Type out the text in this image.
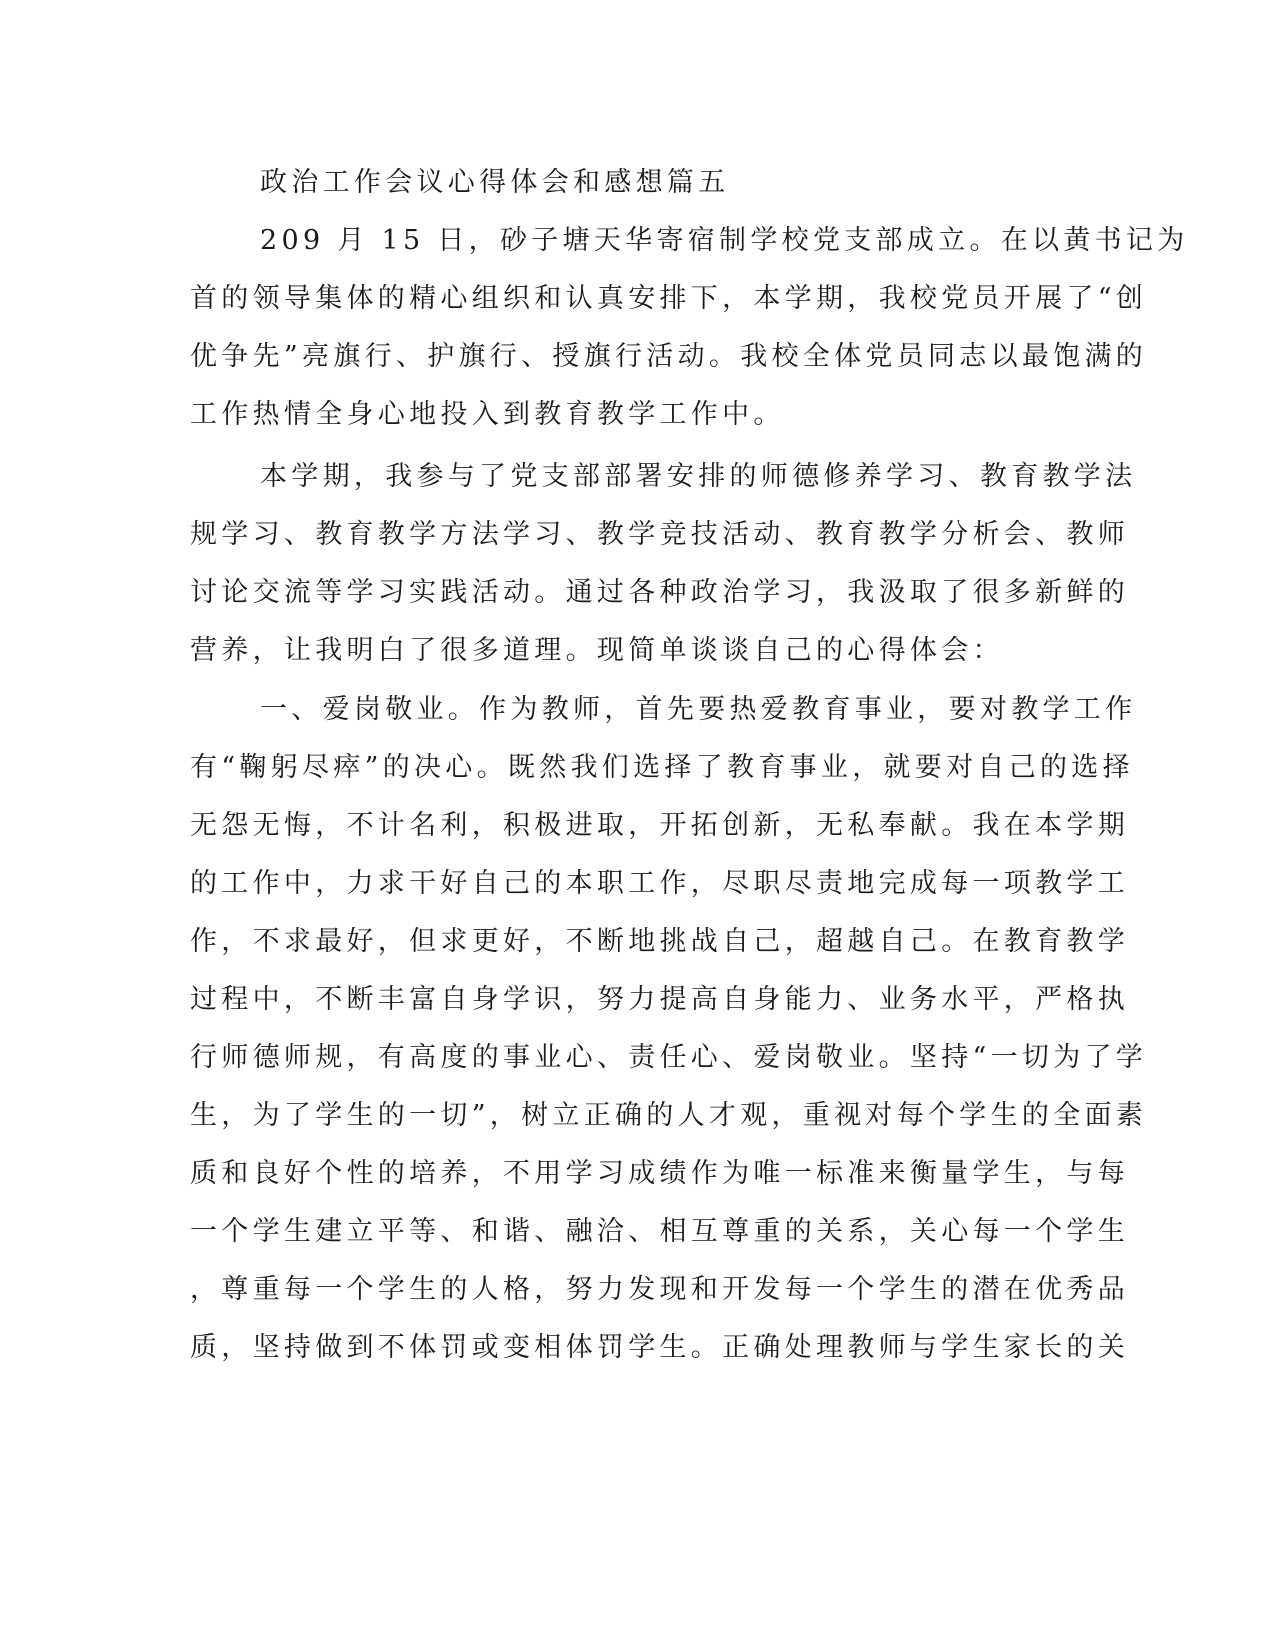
政治工作会议心得体会和感想篇五

209 月 15 日，砂子塘天华寄宿制学校党支部成立。在以黄书记为

首的领导集体的精心组织和认真安排下，本学期，我校党员开展了“创

优争先”亮旗行、护旗行、授旗行活动。我校全体党员同志以最饱满的

工作热情全身心地投入到教育教学工作中。

本学期，我参与了党支部部署安排的师德修养学习、教育教学法

规学习、教育教学方法学习、教学竞技活动、教育教学分析会、教师

讨论交流等学习实践活动。通过各种政治学习，我汲取了很多新鲜的

营养，让我明白了很多道理。现简单谈谈自己的心得体会：

一、爱岗敬业。作为教师，首先要热爱教育事业，要对教学工作

有“鞠躬尽瘁”的决心。既然我们选择了教育事业，就要对自己的选择

无怨无悔，不计名利，积极进取，开拓创新，无私奉献。我在本学期

的工作中，力求干好自己的本职工作，尽职尽责地完成每一项教学工

作，不求最好，但求更好，不断地挑战自己，超越自己。在教育教学

过程中，不断丰富自身学识，努力提高自身能力、业务水平，严格执

行师德师规，有高度的事业心、责任心、爱岗敬业。坚持“一切为了学

生，为了学生的一切”，树立正确的人才观，重视对每个学生的全面素

质和良好个性的培养，不用学习成绩作为唯一标准来衡量学生，与每

一个学生建立平等、和谐、融洽、相互尊重的关系，关心每一个学生

，尊重每一个学生的人格，努力发现和开发每一个学生的潜在优秀品

质，坚持做到不体罚或变相体罚学生。正确处理教师与学生家长的关
